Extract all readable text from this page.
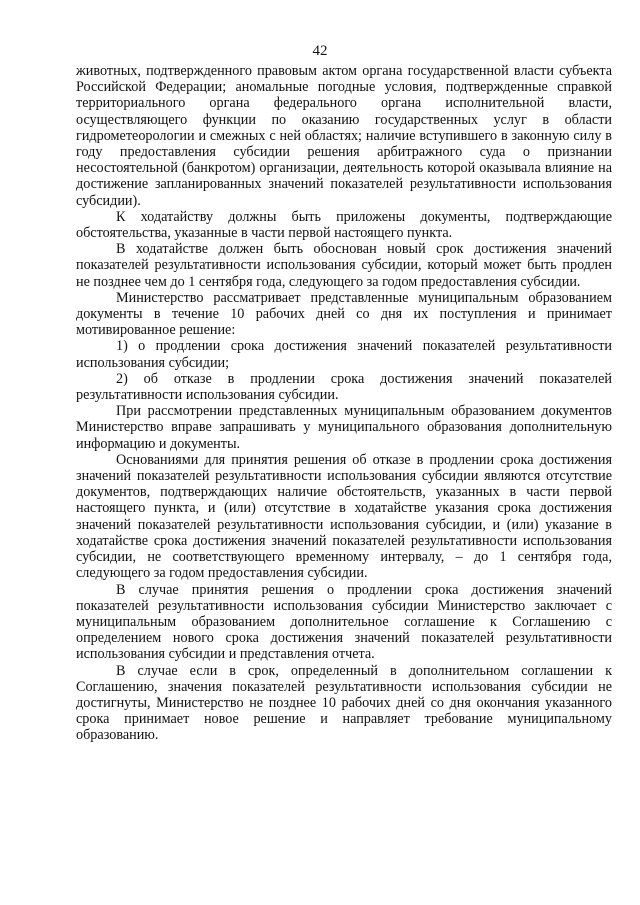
42

животных, подтвержденного правовым актом органа государственной власти субъекта Российской Федерации; аномальные погодные условия, подтвержденные справкой территориального органа федерального органа исполнительной власти, осуществляющего функции по оказанию государственных услуг в области гидрометеорологии и смежных с ней областях; наличие вступившего в законную силу в году предоставления субсидии решения арбитражного суда о признании несостоятельной (банкротом) организации, деятельность которой оказывала влияние на достижение запланированных значений показателей результативности использования субсидии).

К ходатайству должны быть приложены документы, подтверждающие обстоятельства, указанные в части первой настоящего пункта.

В ходатайстве должен быть обоснован новый срок достижения значений показателей результативности использования субсидии, который может быть продлен не позднее чем до 1 сентября года, следующего за годом предоставления субсидии.

Министерство рассматривает представленные муниципальным образованием документы в течение 10 рабочих дней со дня их поступления и принимает мотивированное решение:

1) о продлении срока достижения значений показателей результативности использования субсидии;

2) об отказе в продлении срока достижения значений показателей результативности использования субсидии.

При рассмотрении представленных муниципальным образованием документов Министерство вправе запрашивать у муниципального образования дополнительную информацию и документы.

Основаниями для принятия решения об отказе в продлении срока достижения значений показателей результативности использования субсидии являются отсутствие документов, подтверждающих наличие обстоятельств, указанных в части первой настоящего пункта, и (или) отсутствие в ходатайстве указания срока достижения значений показателей результативности использования субсидии, и (или) указание в ходатайстве срока достижения значений показателей результативности использования субсидии, не соответствующего временному интервалу, – до 1 сентября года, следующего за годом предоставления субсидии.

В случае принятия решения о продлении срока достижения значений показателей результативности использования субсидии Министерство заключает с муниципальным образованием дополнительное соглашение к Соглашению с определением нового срока достижения значений показателей результативности использования субсидии и представления отчета.

В случае если в срок, определенный в дополнительном соглашении к Соглашению, значения показателей результативности использования субсидии не достигнуты, Министерство не позднее 10 рабочих дней со дня окончания указанного срока принимает новое решение и направляет требование муниципальному образованию.
